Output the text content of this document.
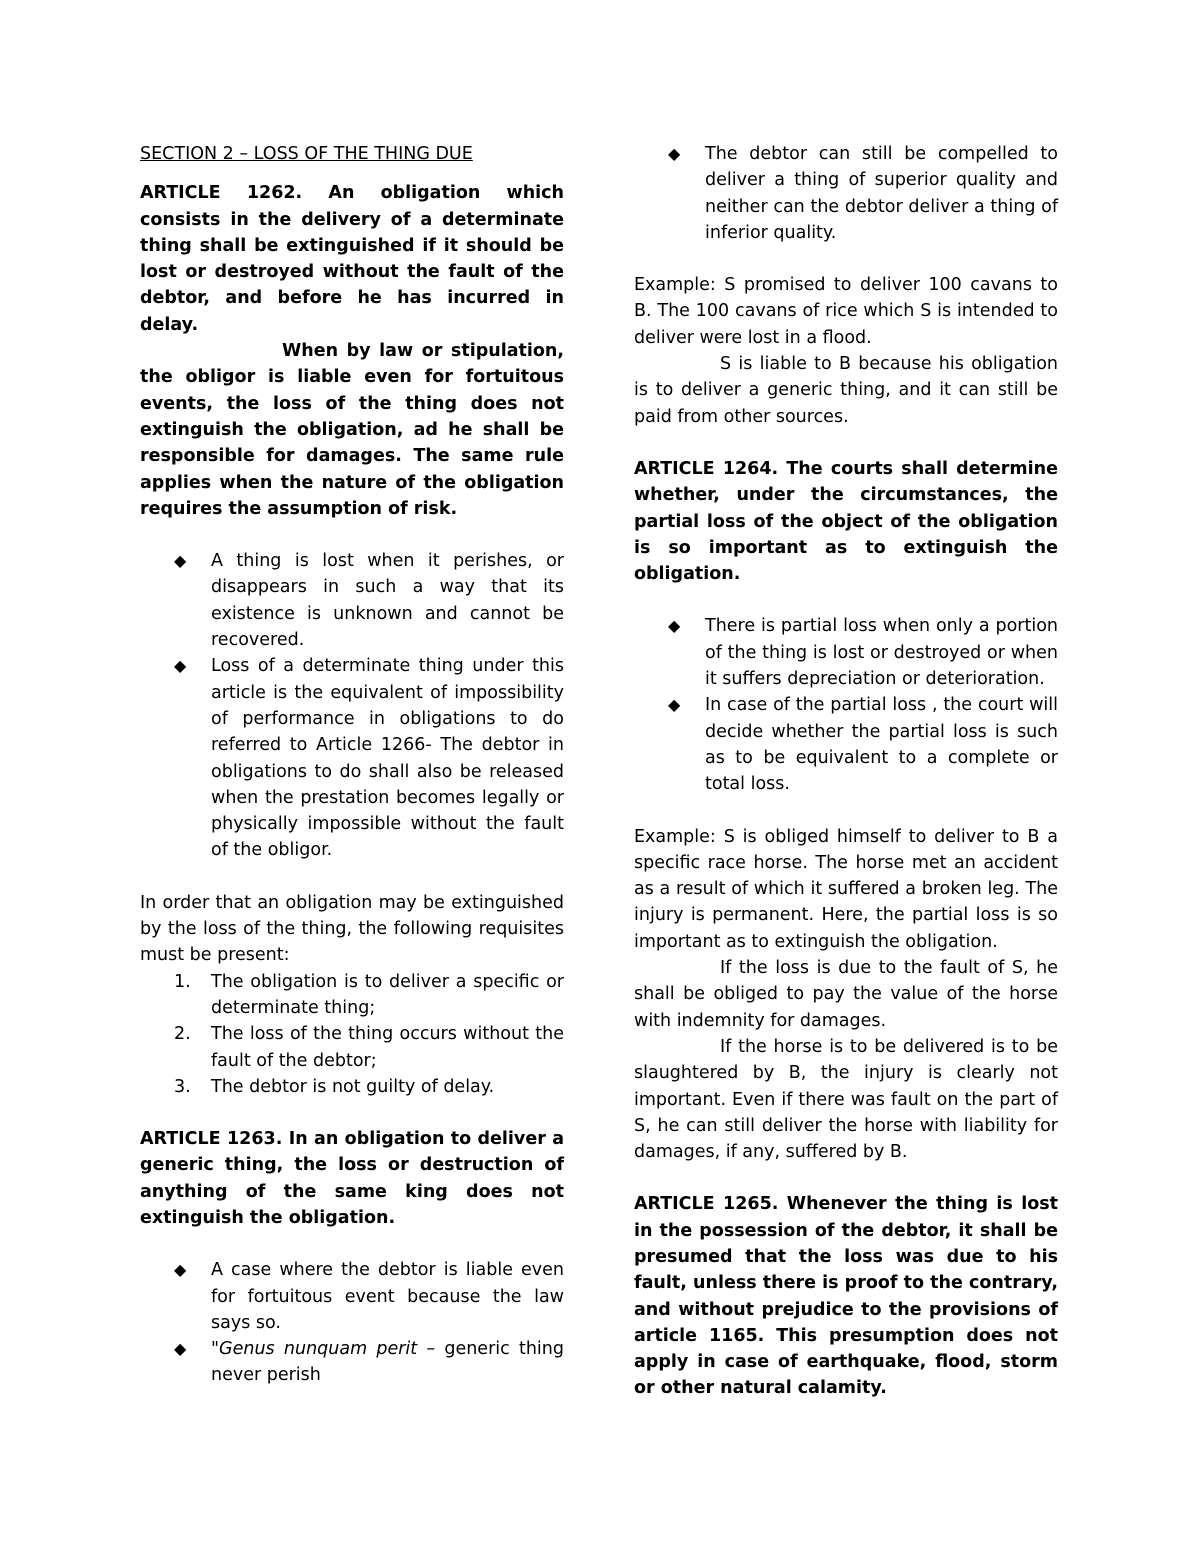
SECTION 2 – LOSS OF THE THING DUE

ARTICLE 1262. An obligation which consists in the delivery of a determinate thing shall be extinguished if it should be lost or destroyed without the fault of the debtor, and before he has incurred in delay.

When by law or stipulation, the obligor is liable even for fortuitous events, the loss of the thing does not extinguish the obligation, ad he shall be responsible for damages. The same rule applies when the nature of the obligation requires the assumption of risk.

◆ A thing is lost when it perishes, or disappears in such a way that its existence is unknown and cannot be recovered.
◆ Loss of a determinate thing under this article is the equivalent of impossibility of performance in obligations to do referred to Article 1266- The debtor in obligations to do shall also be released when the prestation becomes legally or physically impossible without the fault of the obligor.

In order that an obligation may be extinguished by the loss of the thing, the following requisites must be present:

1. The obligation is to deliver a specific or determinate thing;
2. The loss of the thing occurs without the fault of the debtor;
3. The debtor is not guilty of delay.

ARTICLE 1263. In an obligation to deliver a generic thing, the loss or destruction of anything of the same king does not extinguish the obligation.

◆ A case where the debtor is liable even for fortuitous event because the law says so.
◆ "Genus nunquam perit – generic thing never perish
◆ The debtor can still be compelled to deliver a thing of superior quality and neither can the debtor deliver a thing of inferior quality.

Example: S promised to deliver 100 cavans to B. The 100 cavans of rice which S is intended to deliver were lost in a flood.

S is liable to B because his obligation is to deliver a generic thing, and it can still be paid from other sources.

ARTICLE 1264. The courts shall determine whether, under the circumstances, the partial loss of the object of the obligation is so important as to extinguish the obligation.

◆ There is partial loss when only a portion of the thing is lost or destroyed or when it suffers depreciation or deterioration.
◆ In case of the partial loss , the court will decide whether the partial loss is such as to be equivalent to a complete or total loss.

Example: S is obliged himself to deliver to B a specific race horse. The horse met an accident as a result of which it suffered a broken leg. The injury is permanent. Here, the partial loss is so important as to extinguish the obligation.

If the loss is due to the fault of S, he shall be obliged to pay the value of the horse with indemnity for damages.

If the horse is to be delivered is to be slaughtered by B, the injury is clearly not important. Even if there was fault on the part of S, he can still deliver the horse with liability for damages, if any, suffered by B.

ARTICLE 1265. Whenever the thing is lost in the possession of the debtor, it shall be presumed that the loss was due to his fault, unless there is proof to the contrary, and without prejudice to the provisions of article 1165. This presumption does not apply in case of earthquake, flood, storm or other natural calamity.
